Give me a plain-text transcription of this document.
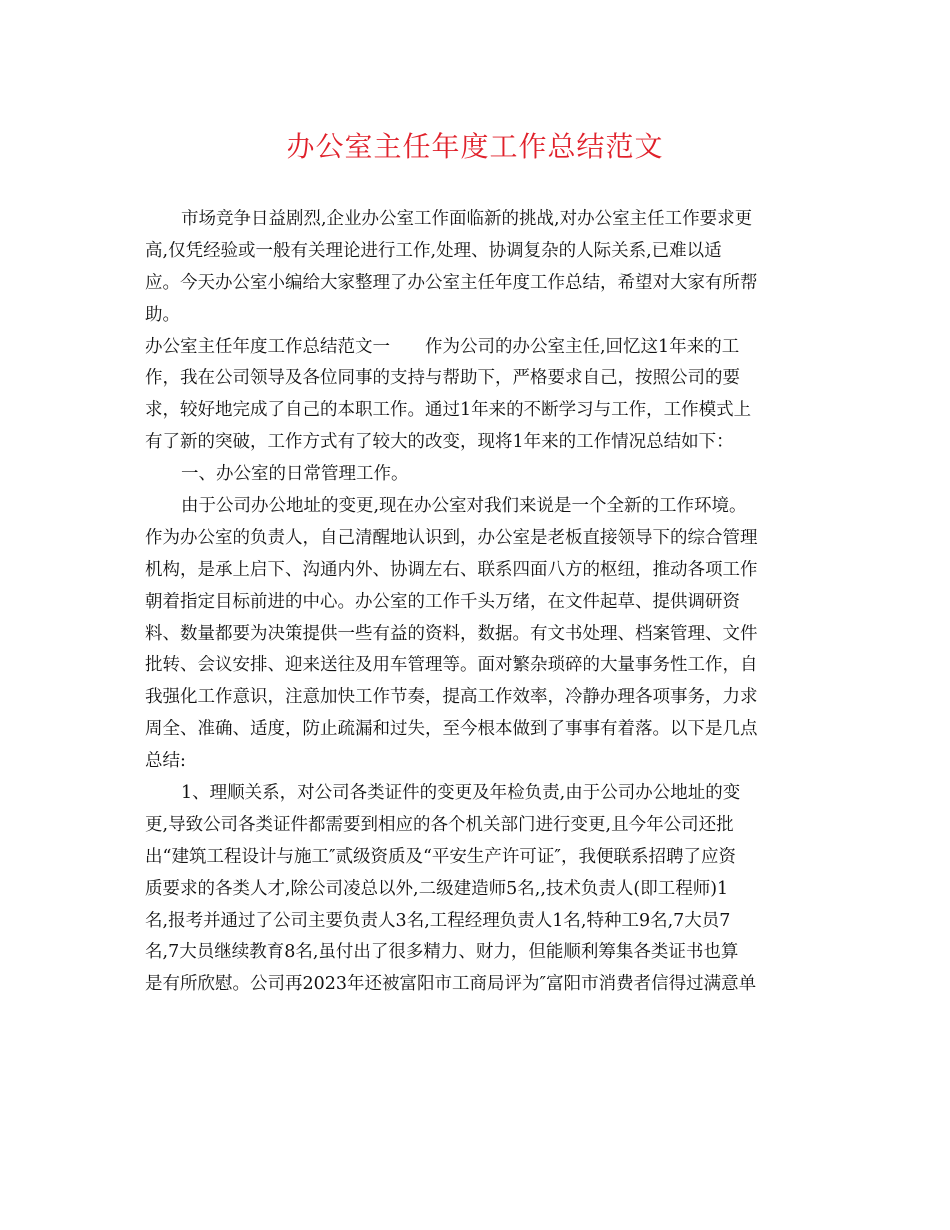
办公室主任年度工作总结范文
市场竞争日益剧烈,企业办公室工作面临新的挑战,对办公室主任工作要求更
高,仅凭经验或一般有关理论进行工作,处理、协调复杂的人际关系,已难以适
应。今天办公室小编给大家整理了办公室主任年度工作总结，希望对大家有所帮
助。
办公室主任年度工作总结范文一　　作为公司的办公室主任,回忆这1年来的工
作，我在公司领导及各位同事的支持与帮助下，严格要求自己，按照公司的要
求，较好地完成了自己的本职工作。通过1年来的不断学习与工作，工作模式上
有了新的突破，工作方式有了较大的改变，现将1年来的工作情况总结如下：
一、办公室的日常管理工作。
由于公司办公地址的变更,现在办公室对我们来说是一个全新的工作环境。
作为办公室的负责人，自己清醒地认识到，办公室是老板直接领导下的综合管理
机构，是承上启下、沟通内外、协调左右、联系四面八方的枢纽，推动各项工作
朝着指定目标前进的中心。办公室的工作千头万绪，在文件起草、提供调研资
料、数量都要为决策提供一些有益的资料，数据。有文书处理、档案管理、文件
批转、会议安排、迎来送往及用车管理等。面对繁杂琐碎的大量事务性工作，自
我强化工作意识，注意加快工作节奏，提高工作效率，冷静办理各项事务，力求
周全、准确、适度，防止疏漏和过失，至今根本做到了事事有着落。以下是几点
总结:
1、理顺关系，对公司各类证件的变更及年检负责,由于公司办公地址的变
更,导致公司各类证件都需要到相应的各个机关部门进行变更,且今年公司还批
出“建筑工程设计与施工″贰级资质及“平安生产许可证″，我便联系招聘了应资
质要求的各类人才,除公司凌总以外,二级建造师5名,,技术负责人(即工程师)1
名,报考并通过了公司主要负责人3名,工程经理负责人1名,特种工9名,7大员7
名,7大员继续教育8名,虽付出了很多精力、财力，但能顺利筹集各类证书也算
是有所欣慰。公司再2023年还被富阳市工商局评为″富阳市消费者信得过满意单
